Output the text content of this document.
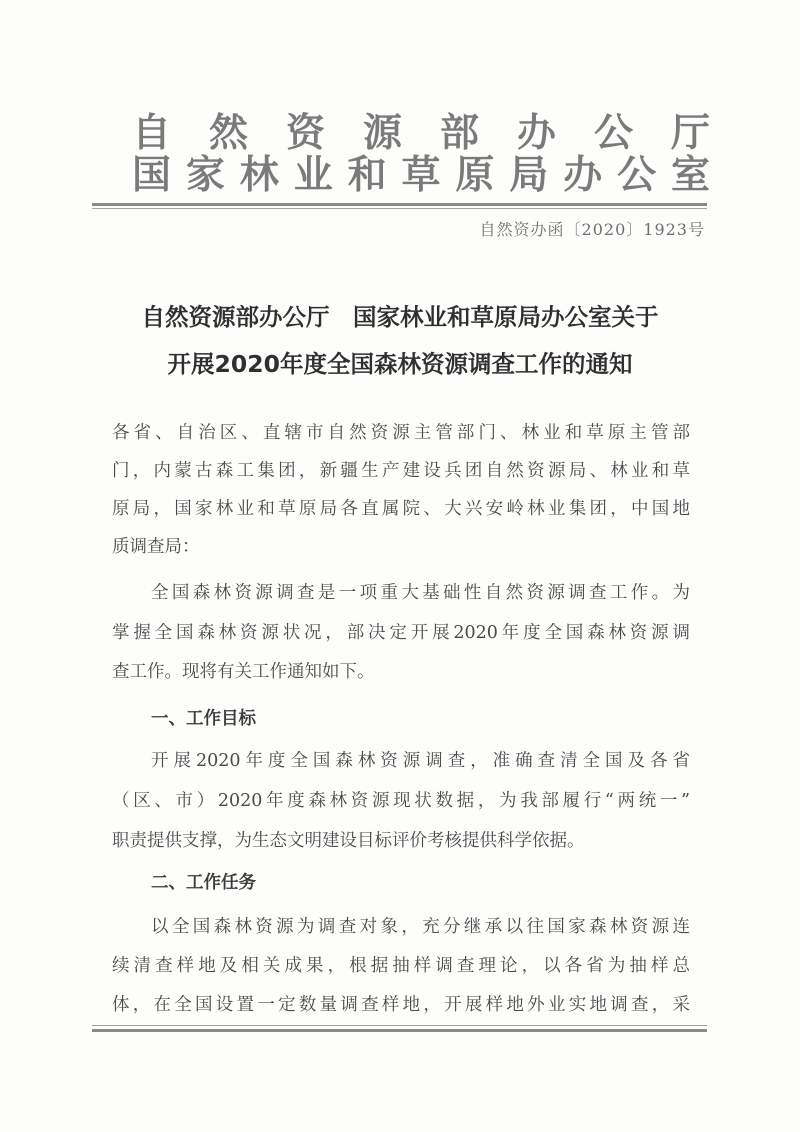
自然资源部办公厅
国家林业和草原局办公室
自然资办函〔2020〕1923号
自然资源部办公厅　国家林业和草原局办公室关于
开展2020年度全国森林资源调查工作的通知
各省、自治区、直辖市自然资源主管部门、林业和草原主管部
门，内蒙古森工集团，新疆生产建设兵团自然资源局、林业和草
原局，国家林业和草原局各直属院、大兴安岭林业集团，中国地
质调查局：
全国森林资源调查是一项重大基础性自然资源调查工作。为
掌握全国森林资源状况，部决定开展2020年度全国森林资源调
查工作。现将有关工作通知如下。
一、工作目标
开展2020年度全国森林资源调查，准确查清全国及各省
（区、市）2020年度森林资源现状数据，为我部履行“两统一”
职责提供支撑，为生态文明建设目标评价考核提供科学依据。
二、工作任务
以全国森林资源为调查对象，充分继承以往国家森林资源连
续清查样地及相关成果，根据抽样调查理论，以各省为抽样总
体，在全国设置一定数量调查样地，开展样地外业实地调查，采
